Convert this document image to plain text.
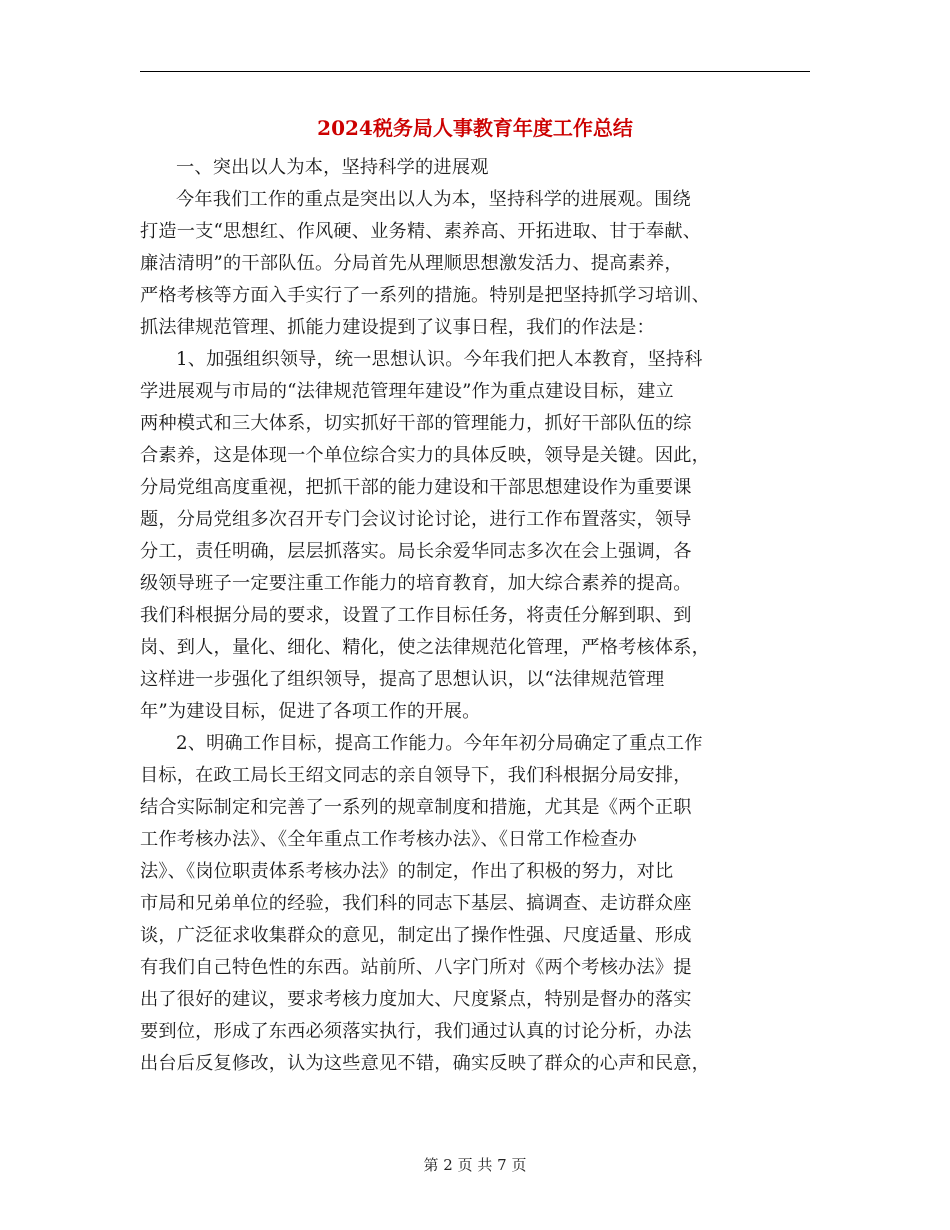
2024税务局人事教育年度工作总结
一、突出以人为本，坚持科学的进展观
今年我们工作的重点是突出以人为本，坚持科学的进展观。围绕
打造一支“思想红、作风硬、业务精、素养高、开拓进取、甘于奉献、
廉洁清明”的干部队伍。分局首先从理顺思想激发活力、提高素养，
严格考核等方面入手实行了一系列的措施。特别是把坚持抓学习培训、
抓法律规范管理、抓能力建设提到了议事日程，我们的作法是：
1、加强组织领导，统一思想认识。今年我们把人本教育，坚持科
学进展观与市局的“法律规范管理年建设”作为重点建设目标，建立
两种模式和三大体系，切实抓好干部的管理能力，抓好干部队伍的综
合素养，这是体现一个单位综合实力的具体反映，领导是关键。因此，
分局党组高度重视，把抓干部的能力建设和干部思想建设作为重要课
题，分局党组多次召开专门会议讨论讨论，进行工作布置落实，领导
分工，责任明确，层层抓落实。局长余爱华同志多次在会上强调，各
级领导班子一定要注重工作能力的培育教育，加大综合素养的提高。
我们科根据分局的要求，设置了工作目标任务，将责任分解到职、到
岗、到人，量化、细化、精化，使之法律规范化管理，严格考核体系，
这样进一步强化了组织领导，提高了思想认识，以“法律规范管理
年”为建设目标，促进了各项工作的开展。
2、明确工作目标，提高工作能力。今年年初分局确定了重点工作
目标，在政工局长王绍文同志的亲自领导下，我们科根据分局安排，
结合实际制定和完善了一系列的规章制度和措施，尤其是《两个正职
工作考核办法》、《全年重点工作考核办法》、《日常工作检查办
法》、《岗位职责体系考核办法》的制定，作出了积极的努力，对比
市局和兄弟单位的经验，我们科的同志下基层、搞调查、走访群众座
谈，广泛征求收集群众的意见，制定出了操作性强、尺度适量、形成
有我们自己特色性的东西。站前所、八字门所对《两个考核办法》提
出了很好的建议，要求考核力度加大、尺度紧点，特别是督办的落实
要到位，形成了东西必须落实执行，我们通过认真的讨论分析，办法
出台后反复修改，认为这些意见不错，确实反映了群众的心声和民意，
第 2 页 共 7 页
